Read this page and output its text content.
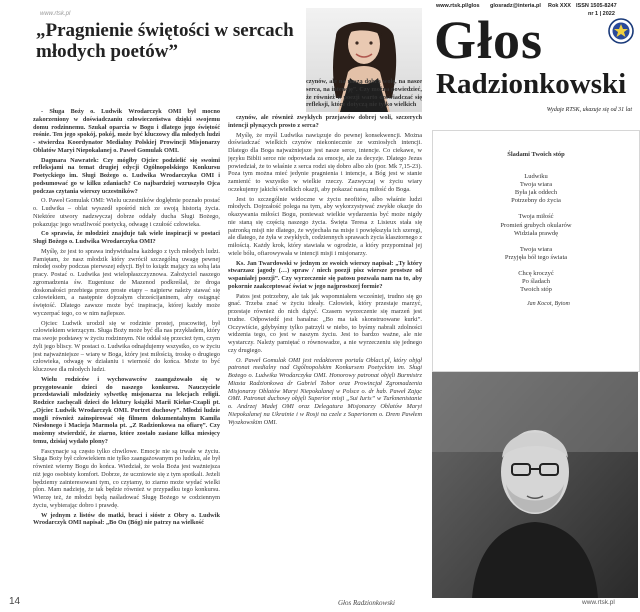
www.rtsk.pl
„Pragnienie świętości w sercach młodych poetów”

czynów, ale na naszą dobrą wolę, na nasze serca, na intencję”. Czy można powiedzieć, że również w poezji warto doświadczać się refleksji, które dotyczą nie tylko wielkich

www.rtsk.pl/glos glosradz@interia.pl Rok XXX ISSN 1505-8247
nr 1 | 2022
Głos
Radzionkowski
Wydaje RTSK, ukazuje się od 31 lat

- Sługa Boży o. Ludwik Wrodarczyk OMI był mocno zakorzeniony w doświadczaniu człowieczeństwa dzięki swojemu domu rodzinnemu. Szukał oparcia w Bogu i dlatego jego świętość rośnie. Ten jego spokój, pokój, może być kluczowy dla młodych ludzi - stwierdza Koordynator Medialny Polskiej Prowincji Misjonarzy Oblatów Maryi Niepokalanej o. Paweł Gomulak OMI.

Dagmara Nawratek: Czy mógłby Ojciec podzielić się swoimi refleksjami na temat drugiej edycji Ogólnopolskiego Konkursu Poetyckiego im. Sługi Bożego o. Ludwika Wrodarczyka OMI i podsumować go w kilku zdaniach? Co najbardziej wzruszyło Ojca podczas czytania wierszy uczestników?

O. Paweł Gomulak OMI: Wielu uczestników doglębnie poznało postać o. Ludwika – oblat wyszedł spośród nich ze swoją historią życia. Niektóre utwory nadzwyczaj dobrze oddały ducha Sługi Bożego, pokazując jego wrażliwość poetycką, odwagę i czułość człowieka.

Co sprawia, że młodzież znajduje tak wiele inspiracji w postaci Sługi Bożego o. Ludwika Wrodarczyka OMI?

Myślę, że jest to sprawa indywidualna każdego z tych młodych ludzi. Pamiętam, że nasz młodzik który zwrócił szczególną uwagę pewnej młodej osoby podczas pierwszej edycji. Był to ksiądz mający za sobą lata pracy. Postać o. Ludwika jest wielopłaszczyznowa. Założyciel naszego zgromadzenia św. Eugeniusz de Mazenod podkreślał, że droga doskonałości przebiega przez proste etapy – najpierw należy stawać się człowiekiem, a następnie dojrzałym chrześcijaninem, aby osiągnąć świętość. Dlatego zawsze może być inspiracja, której każdy może wyczerpać tego, co w nim najlepsze.

Ojciec Ludwik urodził się w rodzinie prostej, pracowitej, był człowiekiem wierzącym. Sługa Boży może być dla nas przykładem, który ma swoje podstawy w życiu rodzinnym. Nie oddał się przecież tym, czym żyli jego bliscy. W postaci o. Ludwika odnajdujemy wszystko, co w życiu jest najważniejsze – wiarę w Boga, który jest miłością, troskę o drugiego człowieka, odwagę w działaniu i wierność do końca. Może to być kluczowe dla młodych ludzi.

Wielu rodziców i wychowawców zaangażowało się w przygotowanie dzieci do naszego konkursu. Nauczyciele przedstawiali młodzieży sylwetkę misjonarza na lekcjach religii. Rodzice zachęcali dzieci do lektury książki Marii Kiełar-Czapli pt. „Ojciec Ludwik Wrodarczyk OMI. Portret duchowy”. Młodzi ludzie mogli również zainspirować się filmem dokumentalnym Kamila Niesłonego i Macieja Marmola pt. „Z Radzionkowa na ofiarę”. Czy możemy stwierdzić, że ziarno, które zostało zasiane kilka miesięcy temu, dzisiaj wydało plony?

Fascynacje są często tylko chwilowe. Emocje nie są trwałe w życiu. Sługa Boży był człowiekiem nie tylko zaangażowanym po ludzku, ale był również wierny Bogu do końca. Wiedział, że wola Boża jest ważniejsza niż jego osobisty komfort. Dobrze, że uczniowie się z tym spotkali. Jeżeli będziemy zainteresowani tym, co czytamy, to ziarno może wydać wielki plon. Mam nadzieję, że tak będzie również w przypadku tego konkursu. Wierzę też, że młodzi będą naśladować Sługę Bożego w codziennym życiu, wybierając dobro i prawdę.

W jednym z listów do matki, braci i sióstr z Obry o. Ludwik Wrodarczyk OMI napisał: „Bo On (Bóg) nie patrzy na wielkość

czynów, ale również zwykłych przejawów dobrej woli, szczerych intencji płynących prosto z serca?

Myślę, że myśl Ludwika nawiązuje do pewnej konsekwencji. Można doświadczać wielkich czynów niekoniecznie ze wzniosłych intencji. Dlatego dla Boga najważniejsze jest nasze serce, intencje. Co ciekawe, w języku Biblii serce nie odpowiada za emocje, ale za decyzje. Dlatego Jezus powiedział, że to właśnie z serca rodzi się dobro albo zło (por. Mk 7,15-23). Poza tym można mieć jedynie pragnienia i intencje, a Bóg jest w stanie zamienić to wszystko w wielkie rzeczy. Zazwyczaj w życiu wiary oczekujemy jakichś wielkich okazji, aby pokazać naszą miłość do Boga.

Jest to szczególnie widoczne w życiu neofitów, albo właśnie ludzi młodych. Dojrzałość polega na tym, aby wykorzystywać zwykłe okazje do okazywania miłości Bogu, ponieważ wielkie wydarzenia być może nigdy nie staną się częścią naszego życia. Święta Teresa z Lisieux stała się patronką misji nie dlatego, że wyjechała na misje i powiększyła ich szeregi, ale dlatego, że żyła w zwykłych, codziennych sprawach życia klasztornego z miłością. Każdy krok, który stawiała w ogrodzie, a który przypominał jej wiele bólu, ofiarowywała w intencji misji i misjonarzy.

Ks. Jan Twardowski w jednym ze swoich wierszy napisał: „Ty który stwarzasz jagody (…) spraw / niech poezji pisz wiersze prostsze od wspaniałej poezji”. Czy wyrzeczenie się patosu pozwala nam na to, aby pokornie zaakceptować świat w jego najprostszej formie?

Patos jest potrzebny, ale tak jak wspomniałem wcześniej, trudno się go gnać. Trzeba znać w życiu ideały. Człowiek, który przestaje marzyć, przestaje również do nich dążyć. Czasem wyrzeczenie się marzeń jest trudne. Odpowiedź jest banalna: „Bo ma tak skonstruowane kurki”. Oczywiście, gdybyśmy tylko patrzyli w niebo, to byśmy nabrali zdolności widzenia tego, co jest w naszym życiu. Jest to bardzo ważne, ale nie wystarczy. Należy pamiętać o równowadze, a nie wyrzeczeniu się jednego czy drugiego.

O. Paweł Gomulak OMI jest redaktorem portalu Oblaci.pl, który objął patronat medialny nad Ogólnopolskim Konkursem Poetyckim im. Sługi Bożego o. Ludwika Wrodarczyka OMI. Honorowy patronat objęli Burmistrz Miasta Radzionkowa dr Gabriel Tobor oraz Prowincjał Zgromadzenia Misjonarzy Oblatów Maryi Niepokalanej w Polsce o. dr hab. Paweł Zając OMI. Patronat duchowy objęli Superior misji „Sui Iuris” w Turkmenistanie o. Andrzej Madej OMI oraz Delegatura Misjonarzy Oblatów Maryi Niepokalanej na Ukrainie i w Rosji na czele z Superiorem o. Drem Pawłem Wyszkowskim OMI.

Śladami Twoich stóp
Ludwiku
Twoja wiara
Była jak oddech
Potrzebny do życia
Twoja miłość
Promień grubych okularów
Widziała prawdę
Twoja wiara
Przyjęła bół tego świata
Chcę kroczyć
Po śladach
Twoich stóp
Jan Kocot, Bytom
14	Głos Radzionkowski	www.rtsk.pl
